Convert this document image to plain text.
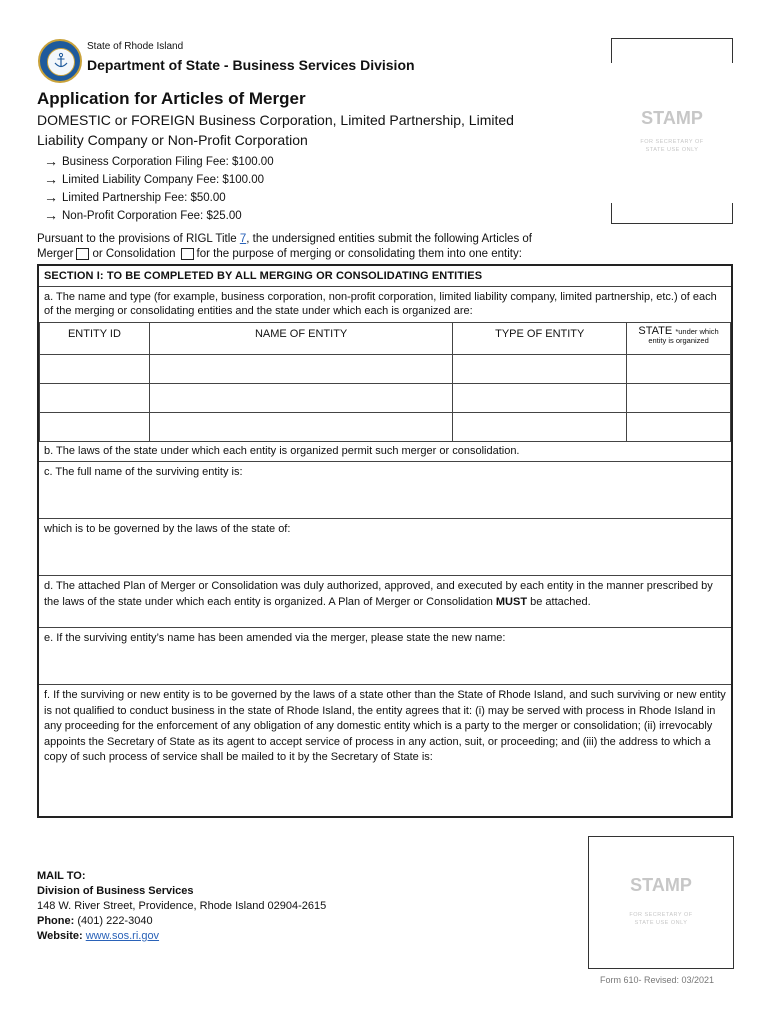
State of Rhode Island
Department of State - Business Services Division
Application for Articles of Merger
DOMESTIC or FOREIGN Business Corporation, Limited Partnership, Limited Liability Company or Non-Profit Corporation
→ Business Corporation Filing Fee: $100.00
→ Limited Liability Company Fee: $100.00
→ Limited Partnership Fee: $50.00
→ Non-Profit Corporation Fee: $25.00
STAMP
FOR SECRETARY OF STATE USE ONLY
Pursuant to the provisions of RIGL Title 7, the undersigned entities submit the following Articles of
Merger or Consolidation for the purpose of merging or consolidating them into one entity:
SECTION I: TO BE COMPLETED BY ALL MERGING OR CONSOLIDATING ENTITIES
a. The name and type (for example, business corporation, non-profit corporation, limited liability company, limited partnership, etc.) of each of the merging or consolidating entities and the state under which each is organized are:
ENTITY ID	NAME OF ENTITY	TYPE OF ENTITY	STATE *under which entity is organized

b. The laws of the state under which each entity is organized permit such merger or consolidation.
c. The full name of the surviving entity is:
which is to be governed by the laws of the state of:
d. The attached Plan of Merger or Consolidation was duly authorized, approved, and executed by each entity in the manner prescribed by the laws of the state under which each entity is organized. A Plan of Merger or Consolidation MUST be attached.
e. If the surviving entity’s name has been amended via the merger, please state the new name:
f. If the surviving or new entity is to be governed by the laws of a state other than the State of Rhode Island, and such surviving or new entity is not qualified to conduct business in the state of Rhode Island, the entity agrees that it: (i) may be served with process in Rhode Island in any proceeding for the enforcement of any obligation of any domestic entity which is a party to the merger or consolidation; (ii) irrevocably appoints the Secretary of State as its agent to accept service of process in any action, suit, or proceeding; and (iii) the address to which a copy of such process of service shall be mailed to it by the Secretary of State is:
MAIL TO:
Division of Business Services
148 W. River Street, Providence, Rhode Island 02904-2615
Phone: (401) 222-3040
Website: www.sos.ri.gov
STAMP
FOR SECRETARY OF STATE USE ONLY
Form 610- Revised: 03/2021
